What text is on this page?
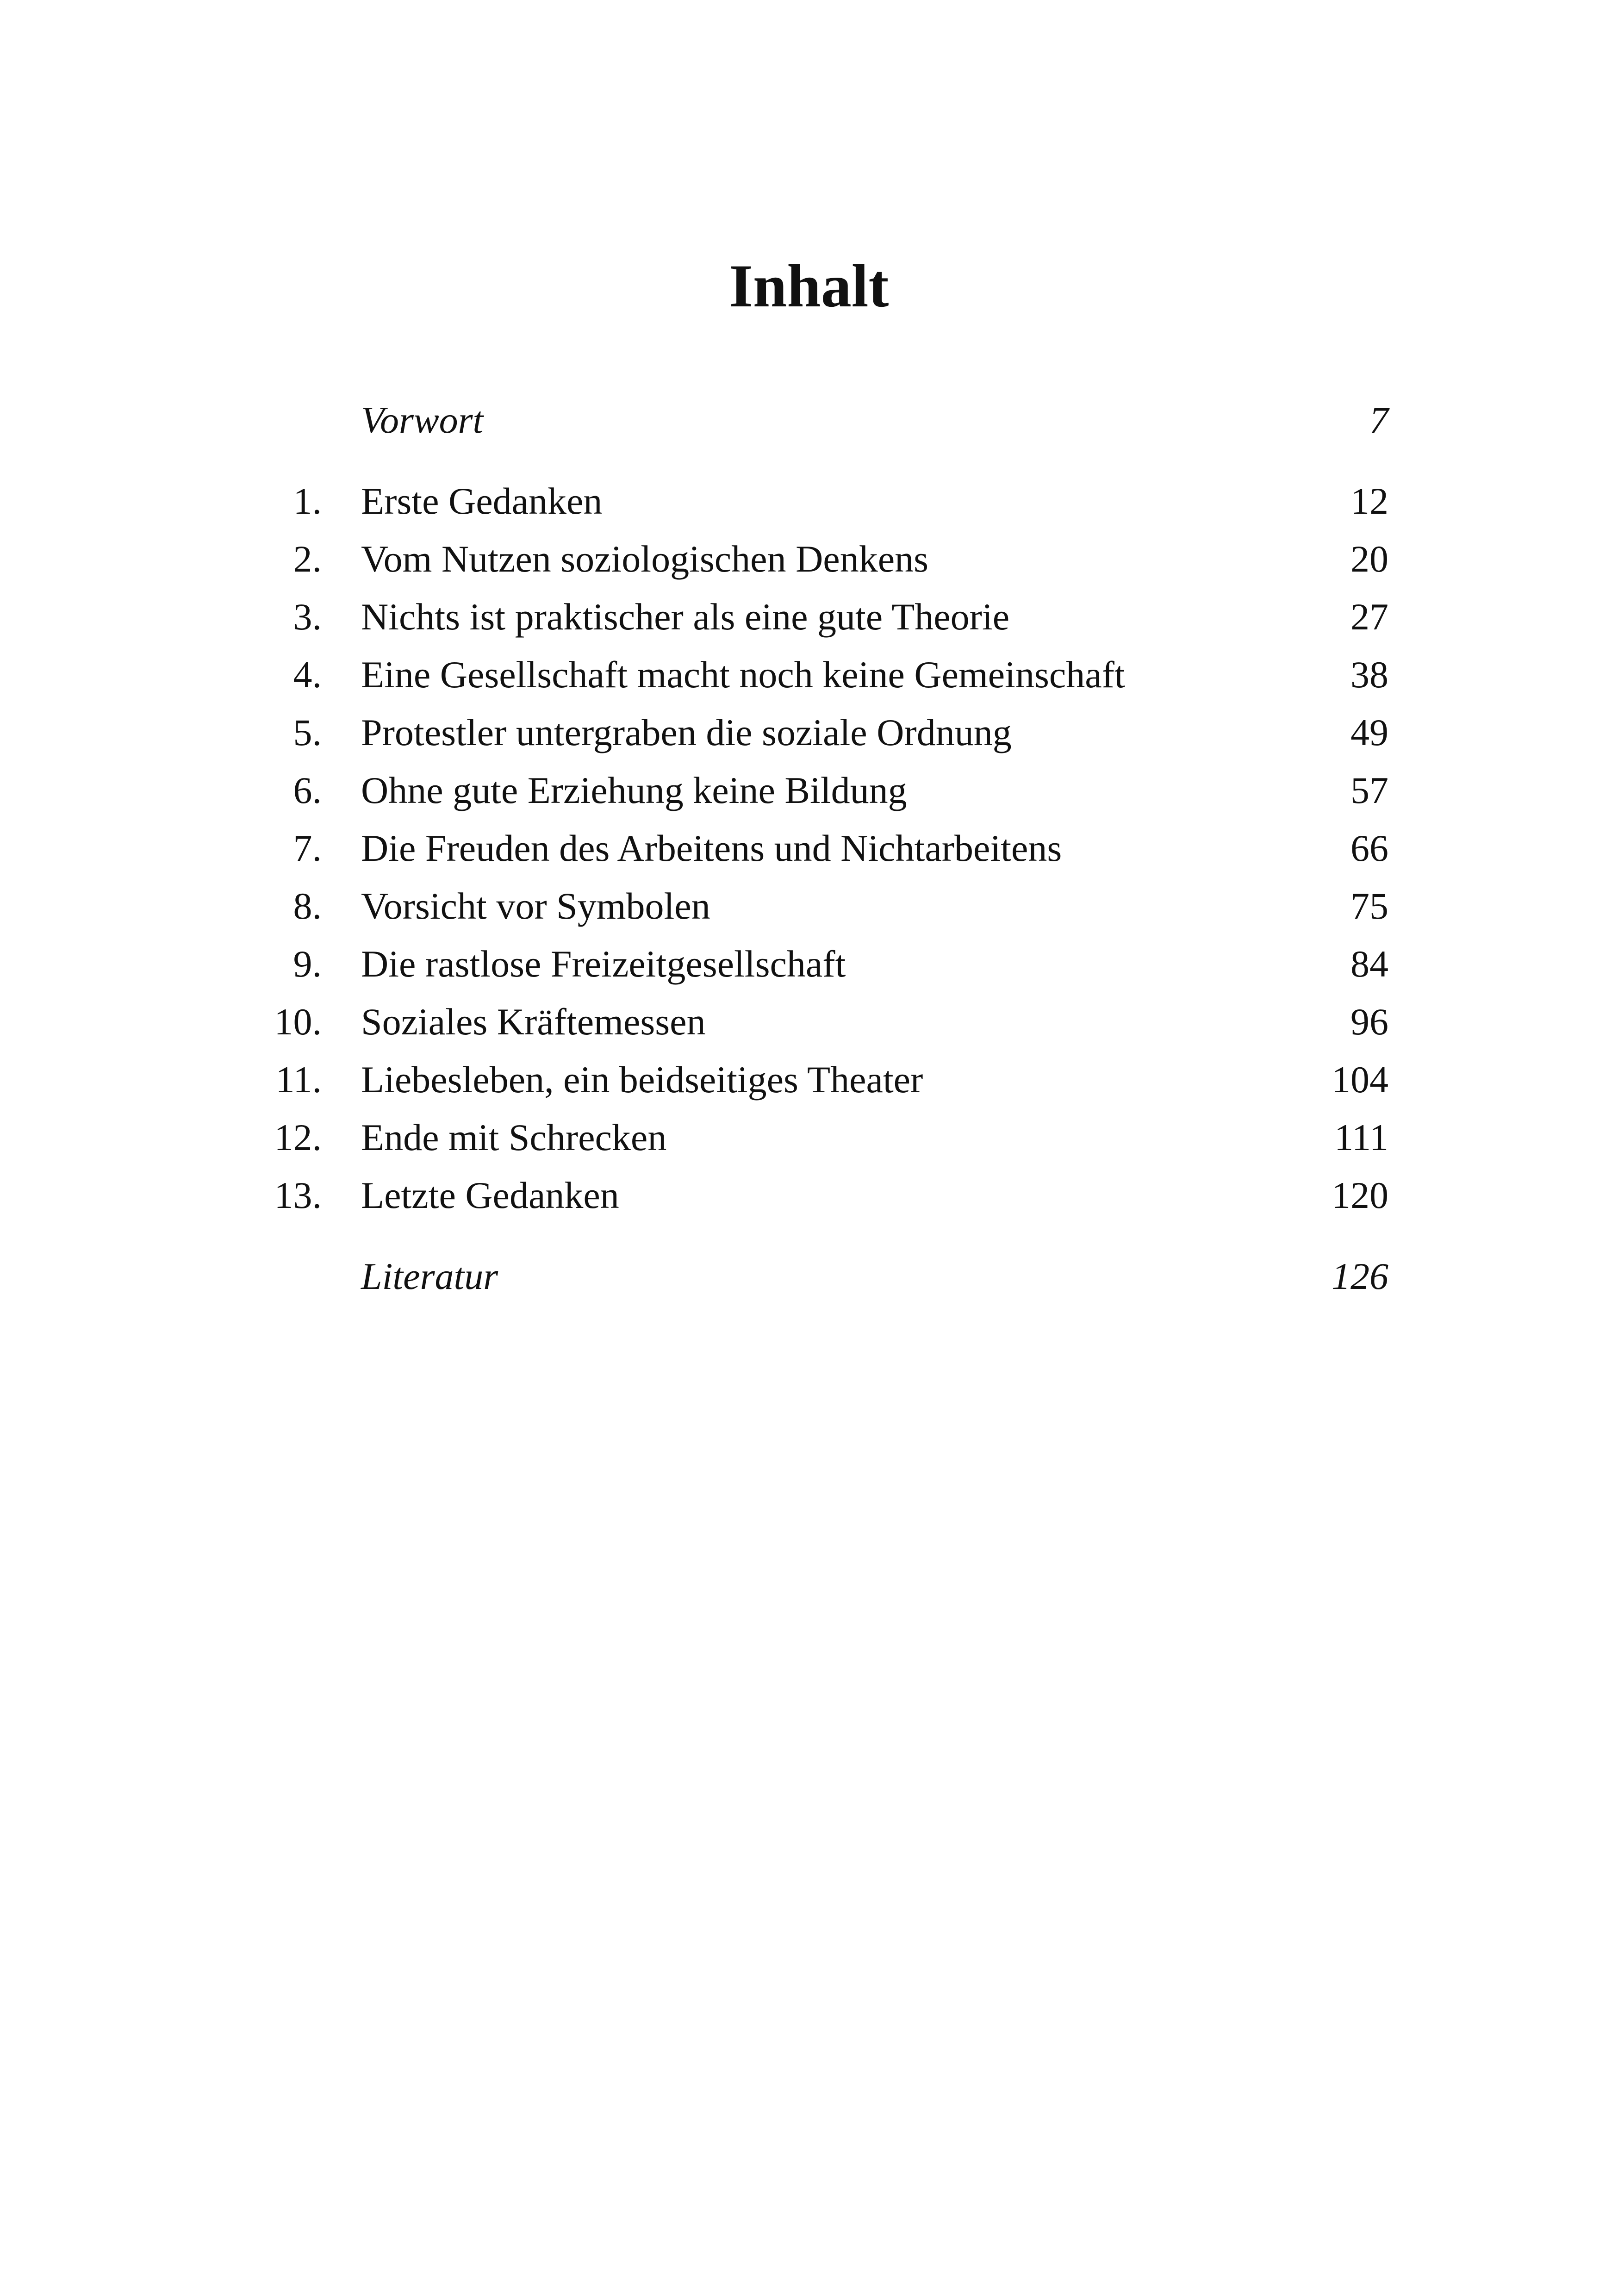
Inhalt
Vorwort	7
1. Erste Gedanken	12
2. Vom Nutzen soziologischen Denkens	20
3. Nichts ist praktischer als eine gute Theorie	27
4. Eine Gesellschaft macht noch keine Gemeinschaft	38
5. Protestler untergraben die soziale Ordnung	49
6. Ohne gute Erziehung keine Bildung	57
7. Die Freuden des Arbeitens und Nichtarbeitens	66
8. Vorsicht vor Symbolen	75
9. Die rastlose Freizeitgesellschaft	84
10. Soziales Kräftemessen	96
11. Liebesleben, ein beidseitiges Theater	104
12. Ende mit Schrecken	111
13. Letzte Gedanken	120
Literatur	126
